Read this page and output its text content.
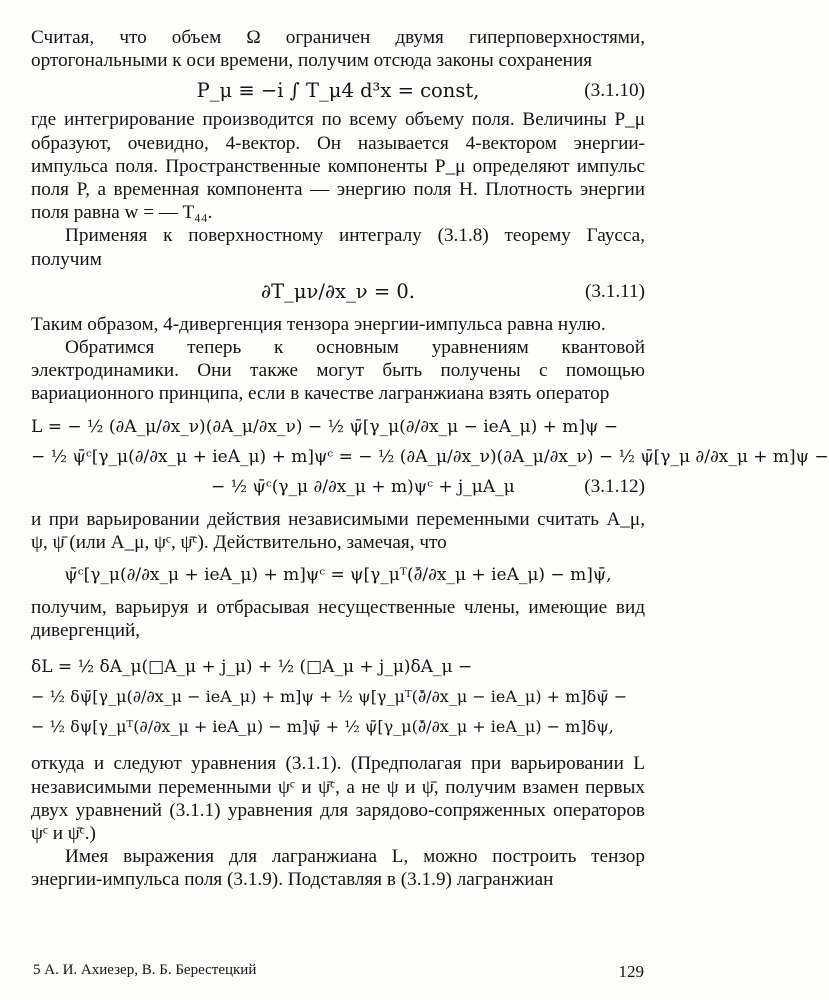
Считая, что объем Ω ограничен двумя гиперповерхностями, ортогональными к оси времени, получим отсюда законы сохранения

P_μ ≡ −i ∫ T_μ4 d³x = const,	(3.1.10)

где интегрирование производится по всему объему поля. Величины P_μ образуют, очевидно, 4-вектор. Он называется 4-вектором энергии-импульса поля. Пространственные компоненты P_μ определяют импульс поля P, а временная компонента — энергию поля H. Плотность энергии поля равна w = — T₄₄.

Применяя к поверхностному интегралу (3.1.8) теорему Гаусса, получим

∂T_μν/∂x_ν = 0.	(3.1.11)

Таким образом, 4-дивергенция тензора энергии-импульса равна нулю.

Обратимся теперь к основным уравнениям квантовой электродинамики. Они также могут быть получены с помощью вариационного принципа, если в качестве лагранжиана взять оператор

L = − ½ (∂A_μ/∂x_ν)(∂A_μ/∂x_ν) − ½ ψ̄[γ_μ(∂/∂x_μ − ieA_μ) + m]ψ −
− ½ ψ̄ᶜ[γ_μ(∂/∂x_μ + ieA_μ) + m]ψᶜ = − ½ (∂A_μ/∂x_ν)(∂A_μ/∂x_ν) − ½ ψ̄[γ_μ ∂/∂x_μ + m]ψ −
− ½ ψ̄ᶜ(γ_μ ∂/∂x_μ + m)ψᶜ + j_μA_μ	(3.1.12)

и при варьировании действия независимыми переменными считать A_μ, ψ, ψ̄ (или A_μ, ψᶜ, ψ̄ᶜ). Действительно, замечая, что

ψ̄ᶜ[γ_μ(∂/∂x_μ + ieA_μ) + m]ψᶜ = ψ[γ_μᵀ(∂̄/∂x_μ + ieA_μ) − m]ψ̄,

получим, варьируя и отбрасывая несущественные члены, имеющие вид дивергенций,

δL = ½ δA_μ(□A_μ + j_μ) + ½ (□A_μ + j_μ)δA_μ −
− ½ δψ̄[γ_μ(∂/∂x_μ − ieA_μ) + m]ψ + ½ ψ[γ_μᵀ(∂̄/∂x_μ − ieA_μ) + m]δψ̄ −
− ½ δψ[γ_μᵀ(∂/∂x_μ + ieA_μ) − m]ψ̄ + ½ ψ̄[γ_μ(∂̄/∂x_μ + ieA_μ) − m]δψ,

откуда и следуют уравнения (3.1.1). (Предполагая при варьировании L независимыми переменными ψᶜ и ψ̄ᶜ, а не ψ и ψ̄, получим взамен первых двух уравнений (3.1.1) уравнения для зарядово-сопряженных операторов ψᶜ и ψ̄ᶜ.)

Имея выражения для лагранжиана L, можно построить тензор энергии-импульса поля (3.1.9). Подставляя в (3.1.9) лагранжиан

5 А. И. Ахиезер, В. Б. Берестецкий	129
